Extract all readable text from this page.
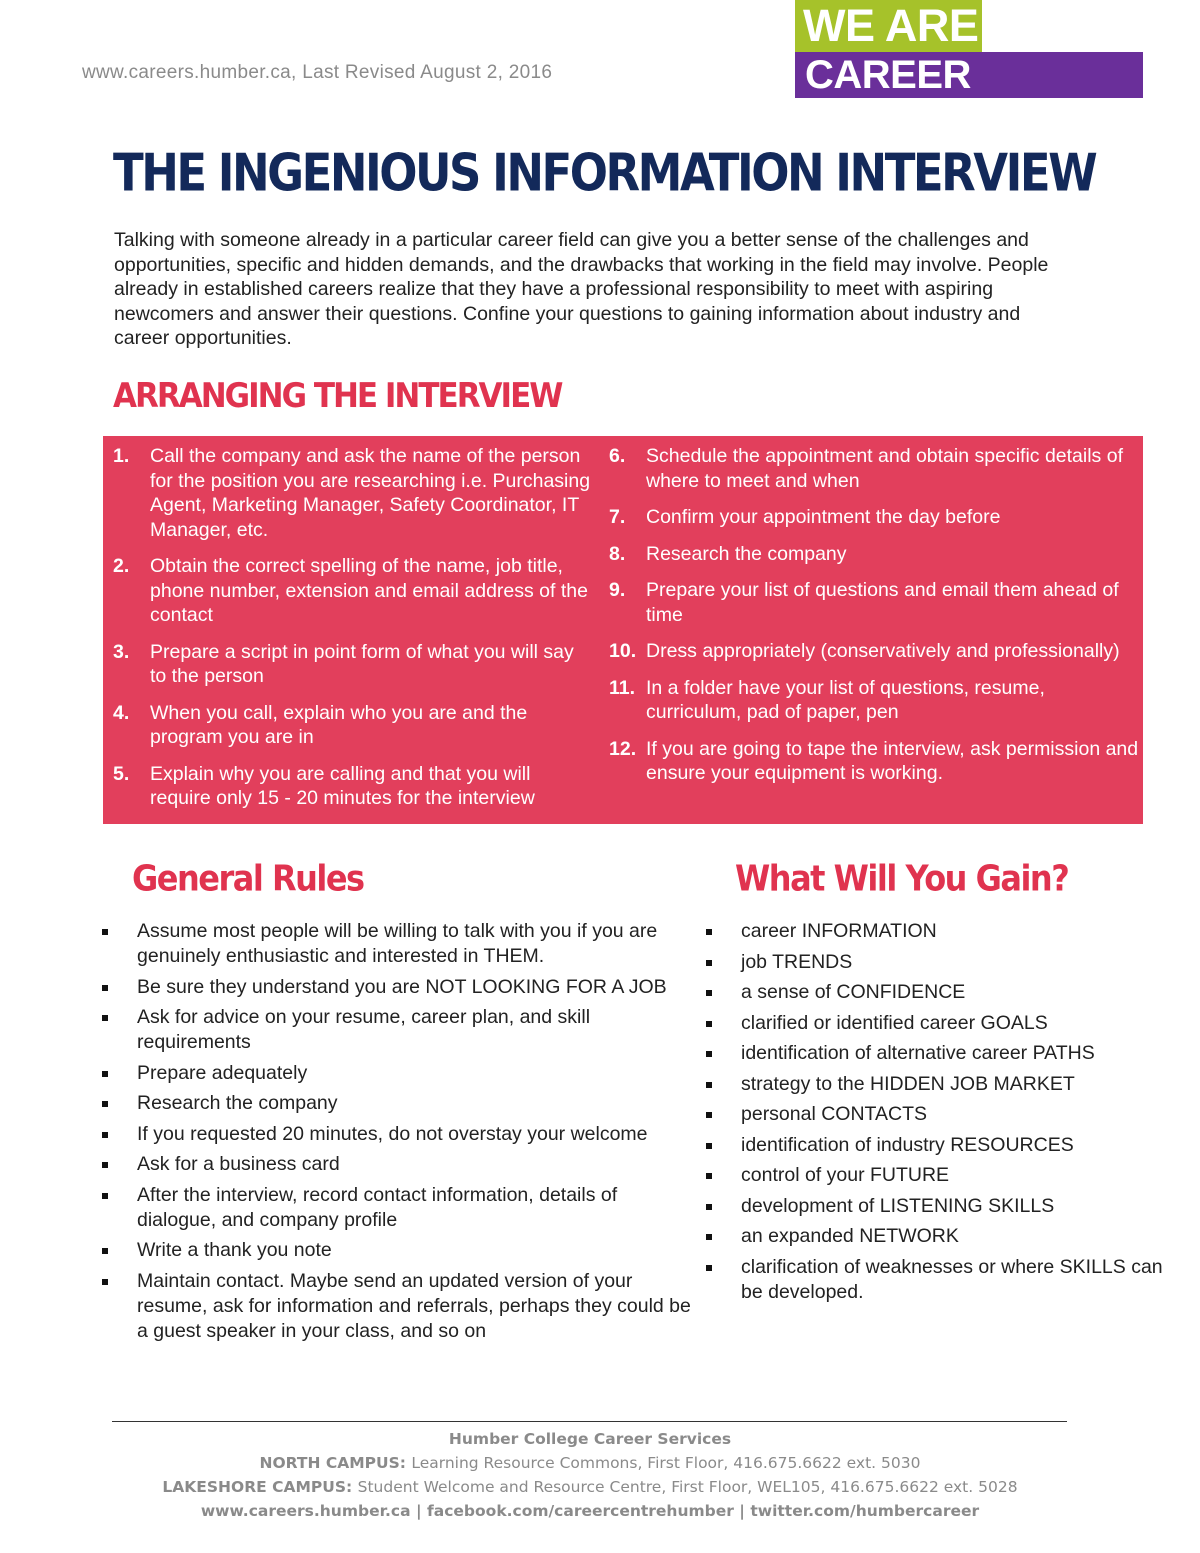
www.careers.humber.ca, Last Revised August 2, 2016
WE ARE
CAREER SERVICES
THE INGENIOUS INFORMATION INTERVIEW
Talking with someone already in a particular career field can give you a better sense of the challenges and opportunities, specific and hidden demands, and the drawbacks that working in the field may involve. People already in established careers realize that they have a professional responsibility to meet with aspiring newcomers and answer their questions. Confine your questions to gaining information about industry and career opportunities.
ARRANGING THE INTERVIEW
1. Call the company and ask the name of the person for the position you are researching i.e. Purchasing Agent, Marketing Manager, Safety Coordinator, IT Manager, etc.
2. Obtain the correct spelling of the name, job title, phone number, extension and email address of the contact
3. Prepare a script in point form of what you will say to the person
4. When you call, explain who you are and the program you are in
5. Explain why you are calling and that you will require only 15 - 20 minutes for the interview
6. Schedule the appointment and obtain specific details of where to meet and when
7. Confirm your appointment the day before
8. Research the company
9. Prepare your list of questions and email them ahead of time
10. Dress appropriately (conservatively and professionally)
11. In a folder have your list of questions, resume, curriculum, pad of paper, pen
12. If you are going to tape the interview, ask permission and ensure your equipment is working.
General Rules
Assume most people will be willing to talk with you if you are genuinely enthusiastic and interested in THEM.
Be sure they understand you are NOT LOOKING FOR A JOB
Ask for advice on your resume, career plan, and skill requirements
Prepare adequately
Research the company
If you requested 20 minutes, do not overstay your welcome
Ask for a business card
After the interview, record contact information, details of dialogue, and company profile
Write a thank you note
Maintain contact. Maybe send an updated version of your resume, ask for information and referrals, perhaps they could be a guest speaker in your class, and so on
What Will You Gain?
career INFORMATION
job TRENDS
a sense of CONFIDENCE
clarified or identified career GOALS
identification of alternative career PATHS
strategy to the HIDDEN JOB MARKET
personal CONTACTS
identification of industry RESOURCES
control of your FUTURE
development of LISTENING SKILLS
an expanded NETWORK
clarification of weaknesses or where SKILLS can be developed.
Humber College Career Services
NORTH CAMPUS: Learning Resource Commons, First Floor, 416.675.6622 ext. 5030
LAKESHORE CAMPUS: Student Welcome and Resource Centre, First Floor, WEL105, 416.675.6622 ext. 5028
www.careers.humber.ca | facebook.com/careercentrehumber | twitter.com/humbercareer
